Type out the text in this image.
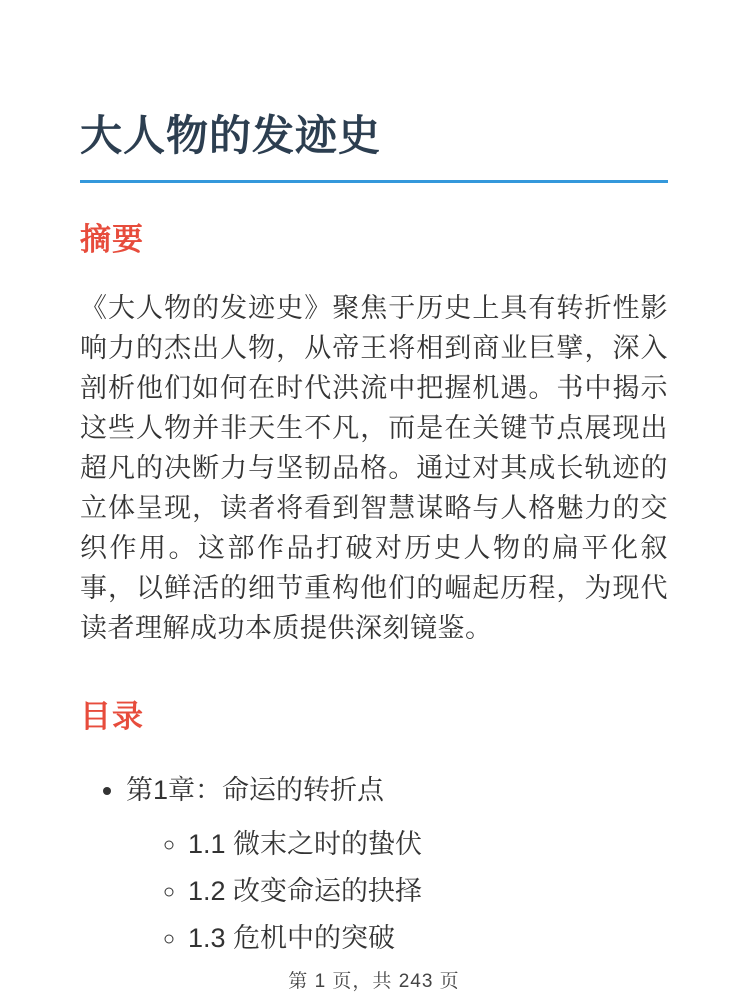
大人物的发迹史
摘要

《大人物的发迹史》聚焦于历史上具有转折性影响力的杰出人物，从帝王将相到商业巨擘，深入剖析他们如何在时代洪流中把握机遇。书中揭示这些人物并非天生不凡，而是在关键节点展现出超凡的决断力与坚韧品格。通过对其成长轨迹的立体呈现，读者将看到智慧谋略与人格魅力的交织作用。这部作品打破对历史人物的扁平化叙事，以鲜活的细节重构他们的崛起历程，为现代读者理解成功本质提供深刻镜鉴。

目录
• 第1章：命运的转折点
◦ 1.1 微末之时的蛰伏
◦ 1.2 改变命运的抉择
◦ 1.3 危机中的突破
第 1 页，共 243 页
